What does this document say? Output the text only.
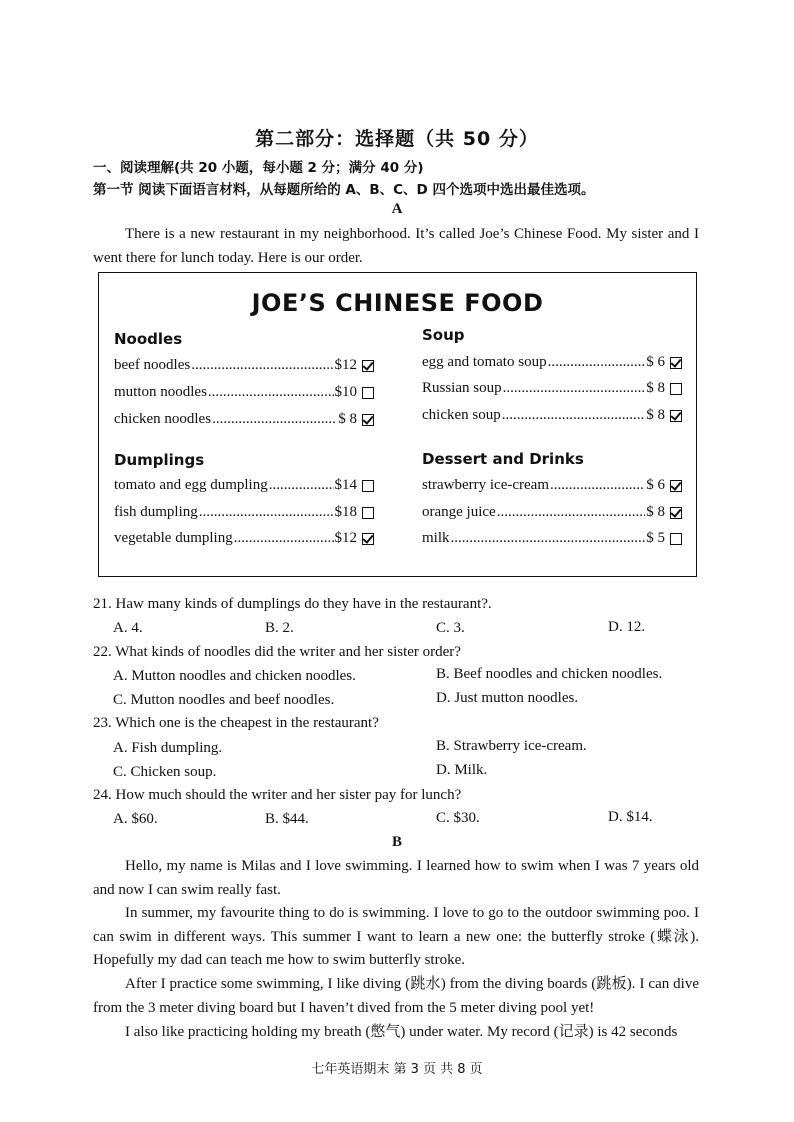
第二部分：选择题（共 50 分）
一、阅读理解(共 20 小题，每小题 2 分；满分 40 分)
第一节 阅读下面语言材料，从每题所给的 A、B、C、D 四个选项中选出最佳选项。
A
There is a new restaurant in my neighborhood. It’s called Joe’s Chinese Food. My sister and I went there for lunch today. Here is our order.
JOE’S CHINESE FOOD
Noodles
beef noodles .....	$12
mutton noodles .....	$10
chicken noodles .....	$ 8
Soup
egg and tomato soup .....	$ 6
Russian soup .....	$ 8
chicken soup .....	$ 8
Dumplings
tomato and egg dumpling .....	$14
fish dumpling .....	$18
vegetable dumpling .....	$12
Dessert and Drinks
strawberry ice-cream .....	$ 6
orange juice .....	$ 8
milk .....	$ 5
21. Haw many kinds of dumplings do they have in the restaurant?.
A. 4.	B. 2.	C. 3.	D. 12.
22. What kinds of noodles did the writer and her sister order?
A. Mutton noodles and chicken noodles.	B. Beef noodles and chicken noodles.
C. Mutton noodles and beef noodles.	D. Just mutton noodles.
23. Which one is the cheapest in the restaurant?
A. Fish dumpling.	B. Strawberry ice-cream.
C. Chicken soup.	D. Milk.
24. How much should the writer and her sister pay for lunch?
A. $60.	B. $44.	C. $30.	D. $14.
B
Hello, my name is Milas and I love swimming. I learned how to swim when I was 7 years old and now I can swim really fast.
In summer, my favourite thing to do is swimming. I love to go to the outdoor swimming poo. I can swim in different ways. This summer I want to learn a new one: the butterfly stroke (蝶泳). Hopefully my dad can teach me how to swim butterfly stroke.
After I practice some swimming, I like diving (跳水) from the diving boards (跳板). I can dive from the 3 meter diving board but I haven’t dived from the 5 meter diving pool yet!
I also like practicing holding my breath (憋气) under water. My record (记录) is 42 seconds
七年英语期末 第 3 页 共 8 页
